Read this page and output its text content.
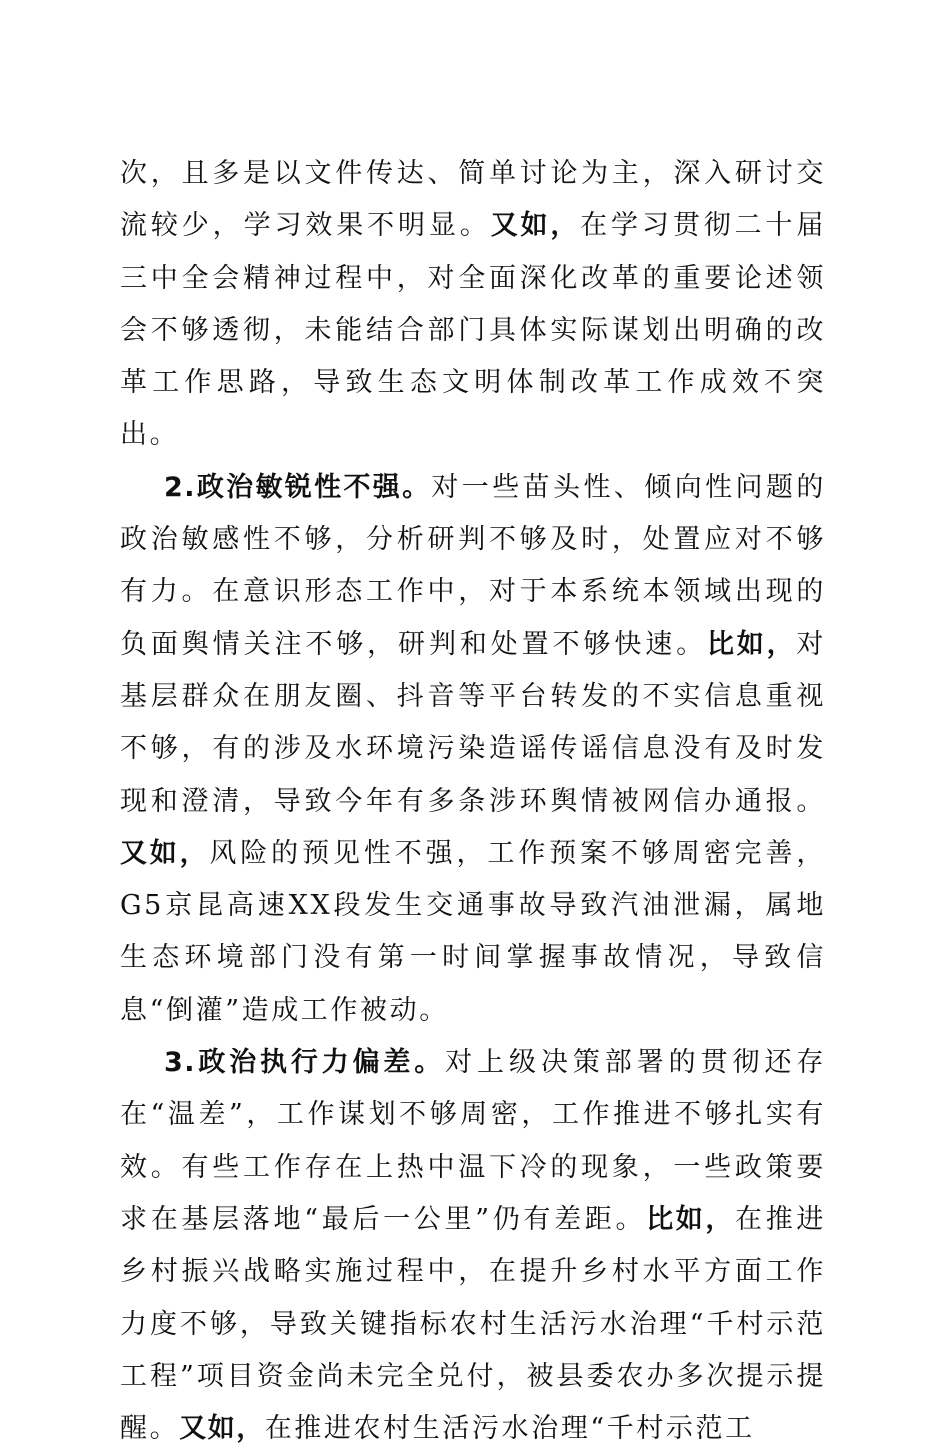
次，且多是以文件传达、简单讨论为主，深入研讨交流较少，学习效果不明显。又如，在学习贯彻二十届三中全会精神过程中，对全面深化改革的重要论述领会不够透彻，未能结合部门具体实际谋划出明确的改革工作思路，导致生态文明体制改革工作成效不突出。

2.政治敏锐性不强。对一些苗头性、倾向性问题的政治敏感性不够，分析研判不够及时，处置应对不够有力。在意识形态工作中，对于本系统本领域出现的负面舆情关注不够，研判和处置不够快速。比如，对基层群众在朋友圈、抖音等平台转发的不实信息重视不够，有的涉及水环境污染造谣传谣信息没有及时发现和澄清，导致今年有多条涉环舆情被网信办通报。又如，风险的预见性不强，工作预案不够周密完善，G5京昆高速XX段发生交通事故导致汽油泄漏，属地生态环境部门没有第一时间掌握事故情况，导致信息“倒灌”造成工作被动。

3.政治执行力偏差。对上级决策部署的贯彻还存在“温差”，工作谋划不够周密，工作推进不够扎实有效。有些工作存在上热中温下冷的现象，一些政策要求在基层落地“最后一公里”仍有差距。比如，在推进乡村振兴战略实施过程中，在提升乡村水平方面工作力度不够，导致关键指标农村生活污水治理“千村示范工程”项目资金尚未完全兑付，被县委农办多次提示提醒。又如，在推进农村生活污水治理“千村示范工
